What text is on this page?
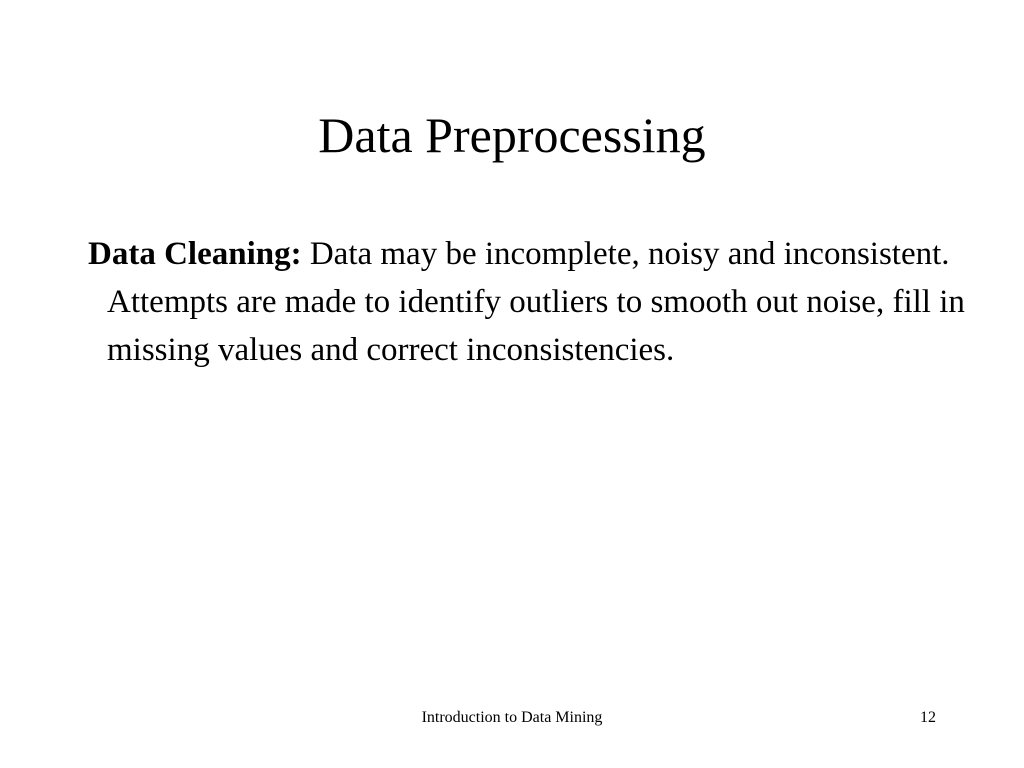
Data Preprocessing

Data Cleaning: Data may be incomplete, noisy and inconsistent. Attempts are made to identify outliers to smooth out noise, fill in missing values and correct inconsistencies.

Introduction to Data Mining	12
